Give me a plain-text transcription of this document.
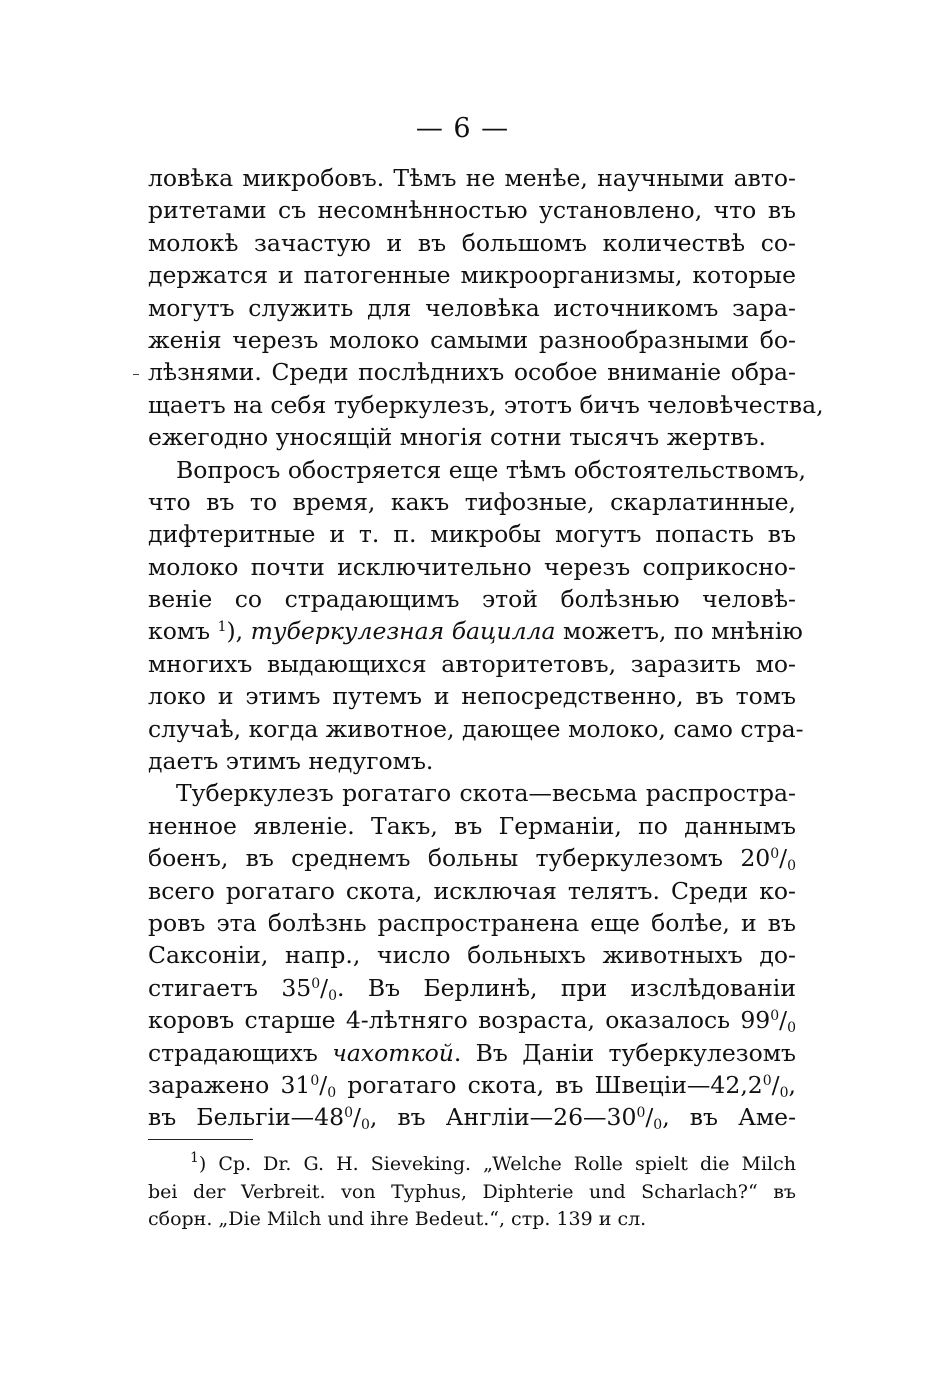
— 6 —
ловѣка микробовъ. Тѣмъ не менѣе, научными авто-
ритетами съ несомнѣнностью установлено, что въ
молокѣ зачастую и въ большомъ количествѣ со-
держатся и патогенные микроорганизмы, которые
могутъ служить для человѣка источникомъ зара-
женія черезъ молоко самыми разнообразными бо-
лѣзнями. Среди послѣднихъ особое вниманіе обра-
щаетъ на себя туберкулезъ, этотъ бичъ человѣчества,
ежегодно уносящій многія сотни тысячъ жертвъ.
Вопросъ обостряется еще тѣмъ обстоятельствомъ,
что въ то время, какъ тифозные, скарлатинные,
дифтеритные и т. п. микробы могутъ попасть въ
молоко почти исключительно черезъ соприкосно-
веніе со страдающимъ этой болѣзнью человѣ-
комъ $^1$), туберкулезная бацилла можетъ, по мнѣнію
многихъ выдающихся авторитетовъ, заразить мо-
локо и этимъ путемъ и непосредственно, въ томъ
случаѣ, когда животное, дающее молоко, само стра-
даетъ этимъ недугомъ.
Туберкулезъ рогатаго скота—весьма распростра-
ненное явленіе. Такъ, въ Германіи, по даннымъ
боенъ, въ среднемъ больны туберкулезомъ $20^0/_0$
всего рогатаго скота, исключая телятъ. Среди ко-
ровъ эта болѣзнь распространена еще болѣе, и въ
Саксоніи, напр., число больныхъ животныхъ до-
стигаетъ $35^0/_0$. Въ Берлинѣ, при изслѣдованіи
коровъ старше 4-лѣтняго возраста, оказалось $99^0/_0$
страдающихъ чахоткой. Въ Даніи туберкулезомъ
заражено $31^0/_0$ рогатаго скота, въ $Швеціи—42,2^0/_0$,
въ $Бельгіи—48^0/_0$, въ $Англіи—26—30^0/_0$, въ Аме-
$^1$) Ср. Dr. G. H. Sieveking. „Welche Rolle spielt die Milch
bei der Verbreit. von Typhus, Diphterie und Scharlach?“ въ
сборн. „Die Milch und ihre Bedeut.“, стр. 139 и сл.
